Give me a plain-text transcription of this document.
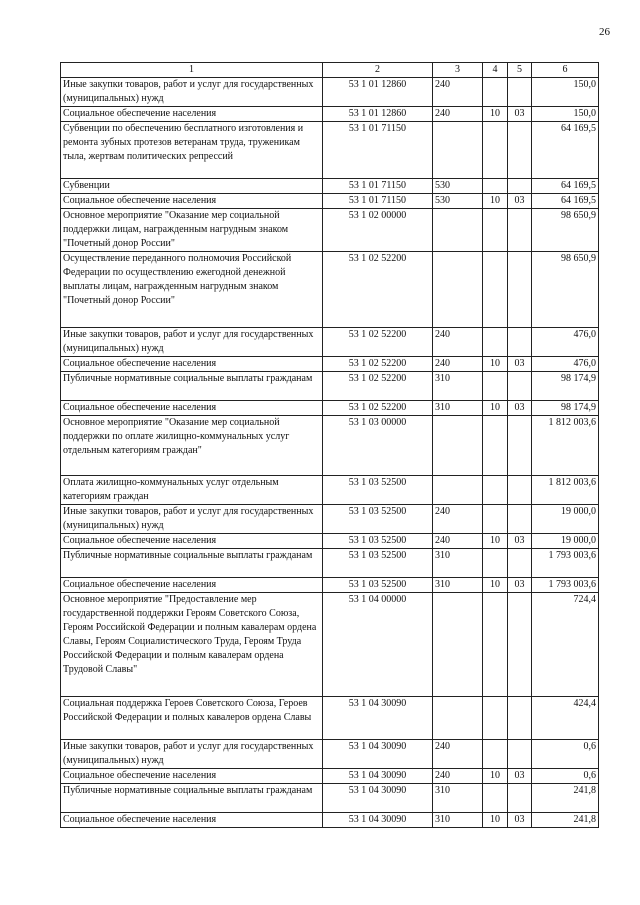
26
1	2	3	4	5	6
Иные закупки товаров, работ и услуг для государственных (муниципальных) нужд	53 1 01 12860	240			150,0
Социальное обеспечение населения	53 1 01 12860	240	10	03	150,0
Субвенции по обеспечению бесплатного изготовления и ремонта зубных протезов ветеранам труда, труженикам тыла, жертвам политических репрессий	53 1 01 71150				64 169,5
Субвенции	53 1 01 71150	530			64 169,5
Социальное обеспечение населения	53 1 01 71150	530	10	03	64 169,5
Основное мероприятие "Оказание мер социальной поддержки лицам, награжденным нагрудным знаком "Почетный донор России"	53 1 02 00000				98 650,9
Осуществление переданного полномочия Российской Федерации по осуществлению ежегодной денежной выплаты лицам, награжденным нагрудным знаком "Почетный донор России"	53 1 02 52200				98 650,9
Иные закупки товаров, работ и услуг для государственных (муниципальных) нужд	53 1 02 52200	240			476,0
Социальное обеспечение населения	53 1 02 52200	240	10	03	476,0
Публичные нормативные социальные выплаты гражданам	53 1 02 52200	310			98 174,9
Социальное обеспечение населения	53 1 02 52200	310	10	03	98 174,9
Основное мероприятие "Оказание мер социальной поддержки по оплате жилищно-коммунальных услуг отдельным категориям граждан"	53 1 03 00000				1 812 003,6
Оплата жилищно-коммунальных услуг отдельным категориям граждан	53 1 03 52500				1 812 003,6
Иные закупки товаров, работ и услуг для государственных (муниципальных) нужд	53 1 03 52500	240			19 000,0
Социальное обеспечение населения	53 1 03 52500	240	10	03	19 000,0
Публичные нормативные социальные выплаты гражданам	53 1 03 52500	310			1 793 003,6
Социальное обеспечение населения	53 1 03 52500	310	10	03	1 793 003,6
Основное мероприятие "Предоставление мер государственной поддержки Героям Советского Союза, Героям Российской Федерации и полным кавалерам ордена Славы, Героям Социалистического Труда, Героям Труда Российской Федерации и полным кавалерам ордена Трудовой Славы"	53 1 04 00000				724,4
Социальная поддержка Героев Советского Союза, Героев Российской Федерации и полных кавалеров ордена Славы	53 1 04 30090				424,4
Иные закупки товаров, работ и услуг для государственных (муниципальных) нужд	53 1 04 30090	240			0,6
Социальное обеспечение населения	53 1 04 30090	240	10	03	0,6
Публичные нормативные социальные выплаты гражданам	53 1 04 30090	310			241,8
Социальное обеспечение населения	53 1 04 30090	310	10	03	241,8
